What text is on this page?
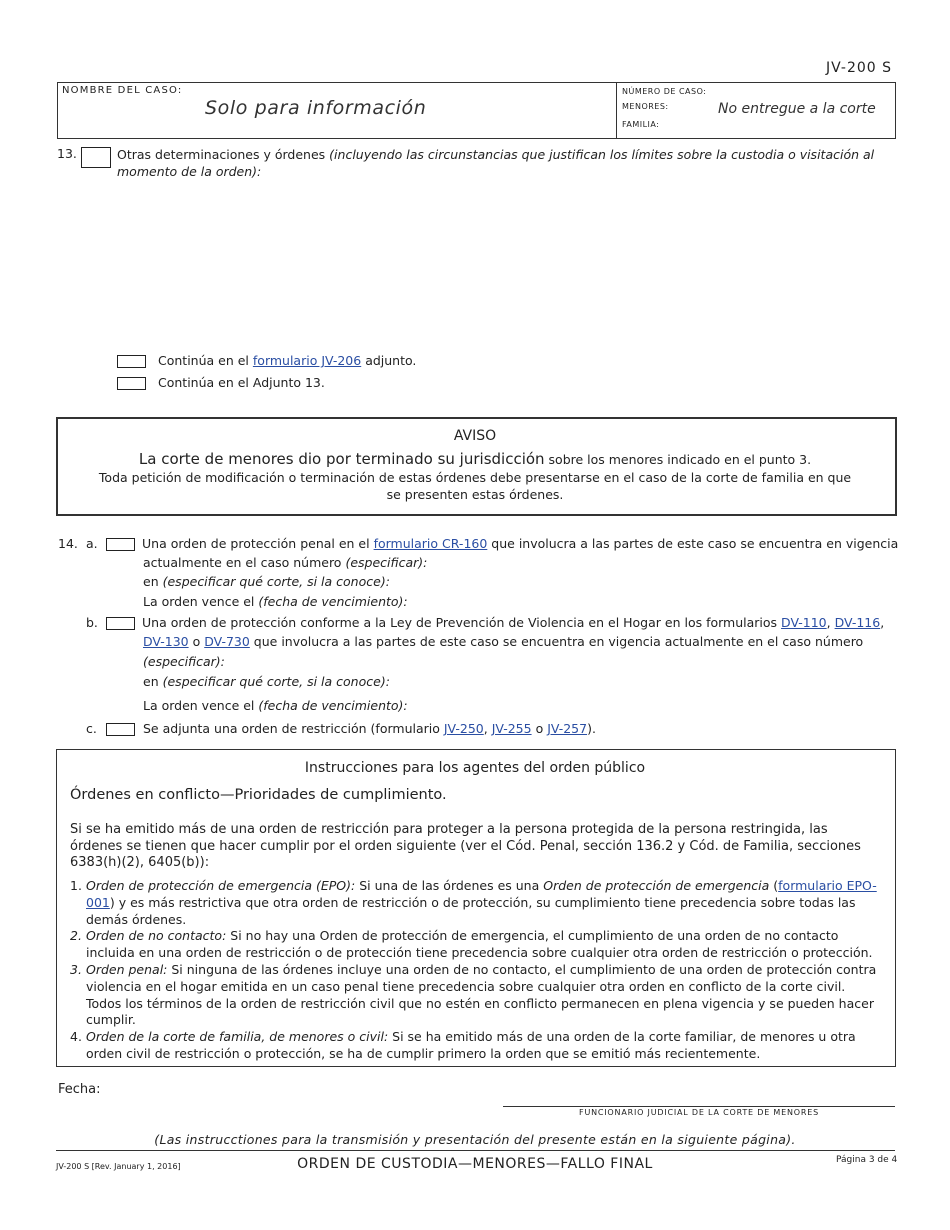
JV-200 S
NOMBRE DEL CASO:
Solo para información
NÚMERO DE CASO:
MENORES:
FAMILIA:
No entregue a la corte
13.	Otras determinaciones y órdenes (incluyendo las circunstancias que justifican los límites sobre la custodia o visitación al momento de la orden):
Continúa en el formulario JV-206 adjunto.
Continúa en el Adjunto 13.
AVISO
La corte de menores dio por terminado su jurisdicción sobre los menores indicado en el punto 3.
Toda petición de modificación o terminación de estas órdenes debe presentarse en el caso de la corte de familia en que
se presenten estas órdenes.
14. a.	Una orden de protección penal en el formulario CR-160 que involucra a las partes de este caso se encuentra en vigencia
actualmente en el caso número (especificar):
en (especificar qué corte, si la conoce):
La orden vence el (fecha de vencimiento):
b.	Una orden de protección conforme a la Ley de Prevención de Violencia en el Hogar en los formularios DV-110, DV-116,
DV-130 o DV-730 que involucra a las partes de este caso se encuentra en vigencia actualmente en el caso número
(especificar):
en (especificar qué corte, si la conoce):
La orden vence el (fecha de vencimiento):
c.	Se adjunta una orden de restricción (formulario JV-250, JV-255 o JV-257).
Instrucciones para los agentes del orden público
Órdenes en conflicto—Prioridades de cumplimiento.
Si se ha emitido más de una orden de restricción para proteger a la persona protegida de la persona restringida, las órdenes se tienen que hacer cumplir por el orden siguiente (ver el Cód. Penal, sección 136.2 y Cód. de Familia, secciones 6383(h)(2), 6405(b)):
1. Orden de protección de emergencia (EPO): Si una de las órdenes es una Orden de protección de emergencia (formulario EPO-001) y es más restrictiva que otra orden de restricción o de protección, su cumplimiento tiene precedencia sobre todas las demás órdenes.
2. Orden de no contacto: Si no hay una Orden de protección de emergencia, el cumplimiento de una orden de no contacto incluida en una orden de restricción o de protección tiene precedencia sobre cualquier otra orden de restricción o protección.
3. Orden penal: Si ninguna de las órdenes incluye una orden de no contacto, el cumplimiento de una orden de protección contra violencia en el hogar emitida en un caso penal tiene precedencia sobre cualquier otra orden en conflicto de la corte civil. Todos los términos de la orden de restricción civil que no estén en conflicto permanecen en plena vigencia y se pueden hacer cumplir.
4. Orden de la corte de familia, de menores o civil: Si se ha emitido más de una orden de la corte familiar, de menores u otra orden civil de restricción o protección, se ha de cumplir primero la orden que se emitió más recientemente.
Fecha:
FUNCIONARIO JUDICIAL DE LA CORTE DE MENORES
(Las instrucctiones para la transmisión y presentación del presente están en la siguiente página).
JV-200 S [Rev. January 1, 2016]	ORDEN DE CUSTODIA—MENORES—FALLO FINAL	Página 3 de 4
